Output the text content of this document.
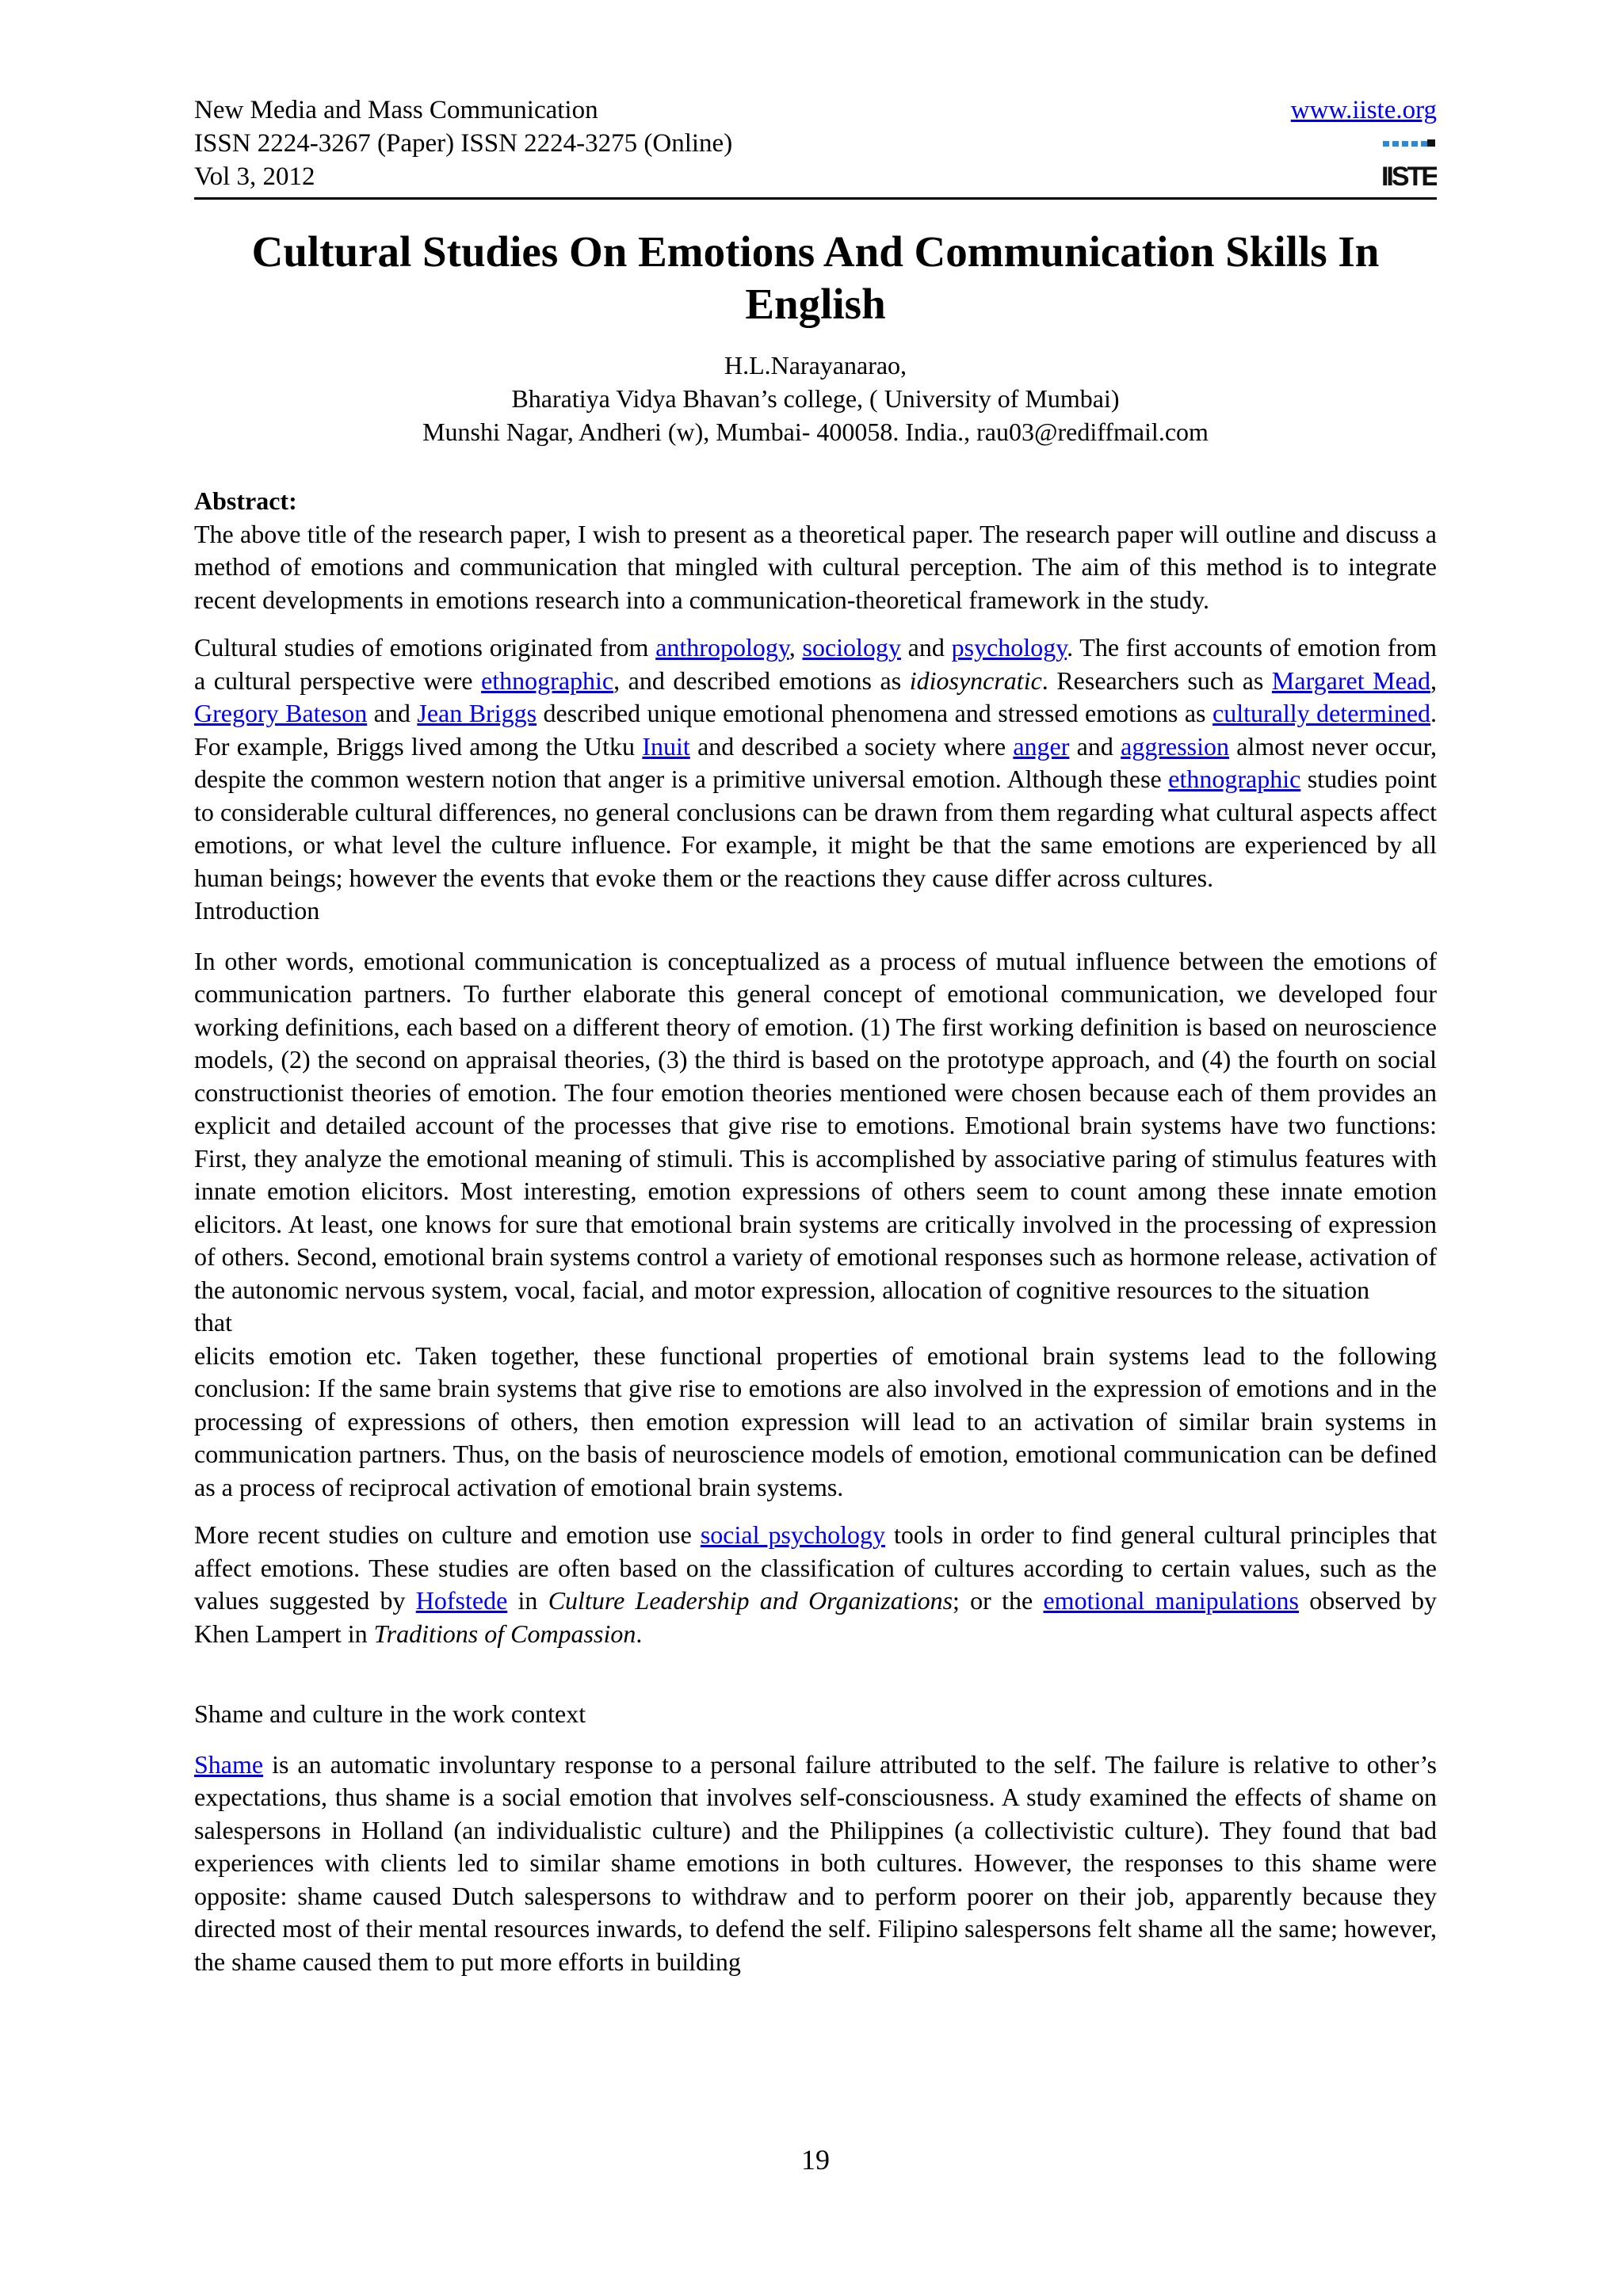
New Media and Mass Communication
ISSN 2224-3267 (Paper) ISSN 2224-3275 (Online)
Vol 3, 2012
www.iiste.org
IISTE
Cultural Studies On Emotions And Communication Skills In English
H.L.Narayanarao,
Bharatiya Vidya Bhavan’s college, ( University of Mumbai)
Munshi Nagar, Andheri (w), Mumbai- 400058. India., rau03@rediffmail.com

Abstract:

The above title of the research paper, I wish to present as a theoretical paper. The research paper will outline and discuss a method of emotions and communication that mingled with cultural perception. The aim of this method is to integrate recent developments in emotions research into a communication-theoretical framework in the study.

Cultural studies of emotions originated from anthropology, sociology and psychology. The first accounts of emotion from a cultural perspective were ethnographic, and described emotions as idiosyncratic. Researchers such as Margaret Mead, Gregory Bateson and Jean Briggs described unique emotional phenomena and stressed emotions as culturally determined. For example, Briggs lived among the Utku Inuit and described a society where anger and aggression almost never occur, despite the common western notion that anger is a primitive universal emotion. Although these ethnographic studies point to considerable cultural differences, no general conclusions can be drawn from them regarding what cultural aspects affect emotions, or what level the culture influence. For example, it might be that the same emotions are experienced by all human beings; however the events that evoke them or the reactions they cause differ across cultures.

Introduction

In other words, emotional communication is conceptualized as a process of mutual influence between the emotions of communication partners. To further elaborate this general concept of emotional communication, we developed four working definitions, each based on a different theory of emotion. (1) The first working definition is based on neuroscience models, (2) the second on appraisal theories, (3) the third is based on the prototype approach, and (4) the fourth on social constructionist theories of emotion. The four emotion theories mentioned were chosen because each of them provides an explicit and detailed account of the processes that give rise to emotions. Emotional brain systems have two functions: First, they analyze the emotional meaning of stimuli. This is accomplished by associative paring of stimulus features with innate emotion elicitors. Most interesting, emotion expressions of others seem to count among these innate emotion elicitors. At least, one knows for sure that emotional brain systems are critically involved in the processing of expression of others. Second, emotional brain systems control a variety of emotional responses such as hormone release, activation of the autonomic nervous system, vocal, facial, and motor expression, allocation of cognitive resources to the situation

that

elicits emotion etc. Taken together, these functional properties of emotional brain systems lead to the following conclusion: If the same brain systems that give rise to emotions are also involved in the expression of emotions and in the processing of expressions of others, then emotion expression will lead to an activation of similar brain systems in communication partners. Thus, on the basis of neuroscience models of emotion, emotional communication can be defined as a process of reciprocal activation of emotional brain systems.

More recent studies on culture and emotion use social psychology tools in order to find general cultural principles that affect emotions. These studies are often based on the classification of cultures according to certain values, such as the values suggested by Hofstede in Culture Leadership and Organizations; or the emotional manipulations observed by Khen Lampert in Traditions of Compassion.

Shame and culture in the work context

Shame is an automatic involuntary response to a personal failure attributed to the self. The failure is relative to other’s expectations, thus shame is a social emotion that involves self-consciousness. A study examined the effects of shame on salespersons in Holland (an individualistic culture) and the Philippines (a collectivistic culture). They found that bad experiences with clients led to similar shame emotions in both cultures. However, the responses to this shame were opposite: shame caused Dutch salespersons to withdraw and to perform poorer on their job, apparently because they directed most of their mental resources inwards, to defend the self. Filipino salespersons felt shame all the same; however, the shame caused them to put more efforts in building

19
